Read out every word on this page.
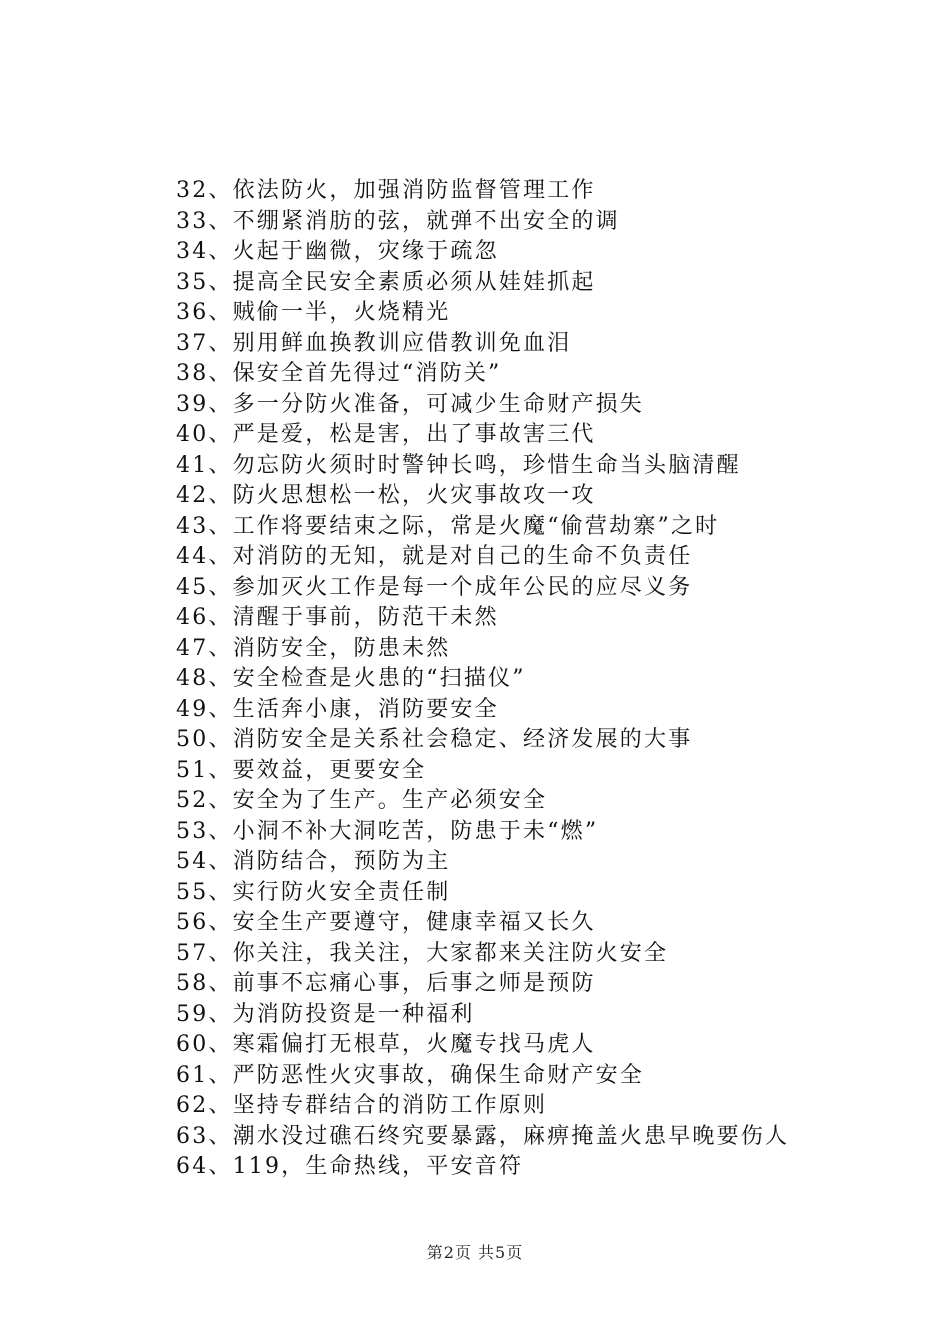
32、依法防火，加强消防监督管理工作
33、不绷紧消肪的弦，就弹不出安全的调
34、火起于幽微，灾缘于疏忽
35、提高全民安全素质必须从娃娃抓起
36、贼偷一半，火烧精光
37、别用鲜血换教训应借教训免血泪
38、保安全首先得过“消防关”
39、多一分防火准备，可减少生命财产损失
40、严是爱，松是害，出了事故害三代
41、勿忘防火须时时警钟长鸣，珍惜生命当头脑清醒
42、防火思想松一松，火灾事故攻一攻
43、工作将要结束之际，常是火魔“偷营劫寨”之时
44、对消防的无知，就是对自己的生命不负责任
45、参加灭火工作是每一个成年公民的应尽义务
46、清醒于事前，防范干未然
47、消防安全，防患未然
48、安全检查是火患的“扫描仪”
49、生活奔小康，消防要安全
50、消防安全是关系社会稳定、经济发展的大事
51、要效益，更要安全
52、安全为了生产。生产必须安全
53、小洞不补大洞吃苦，防患于未“燃”
54、消防结合，预防为主
55、实行防火安全责任制
56、安全生产要遵守，健康幸福又长久
57、你关注，我关注，大家都来关注防火安全
58、前事不忘痛心事，后事之师是预防
59、为消防投资是一种福利
60、寒霜偏打无根草，火魔专找马虎人
61、严防恶性火灾事故，确保生命财产安全
62、坚持专群结合的消防工作原则
63、潮水没过礁石终究要暴露，麻痹掩盖火患早晚要伤人
64、119，生命热线，平安音符
第2页 共5页
